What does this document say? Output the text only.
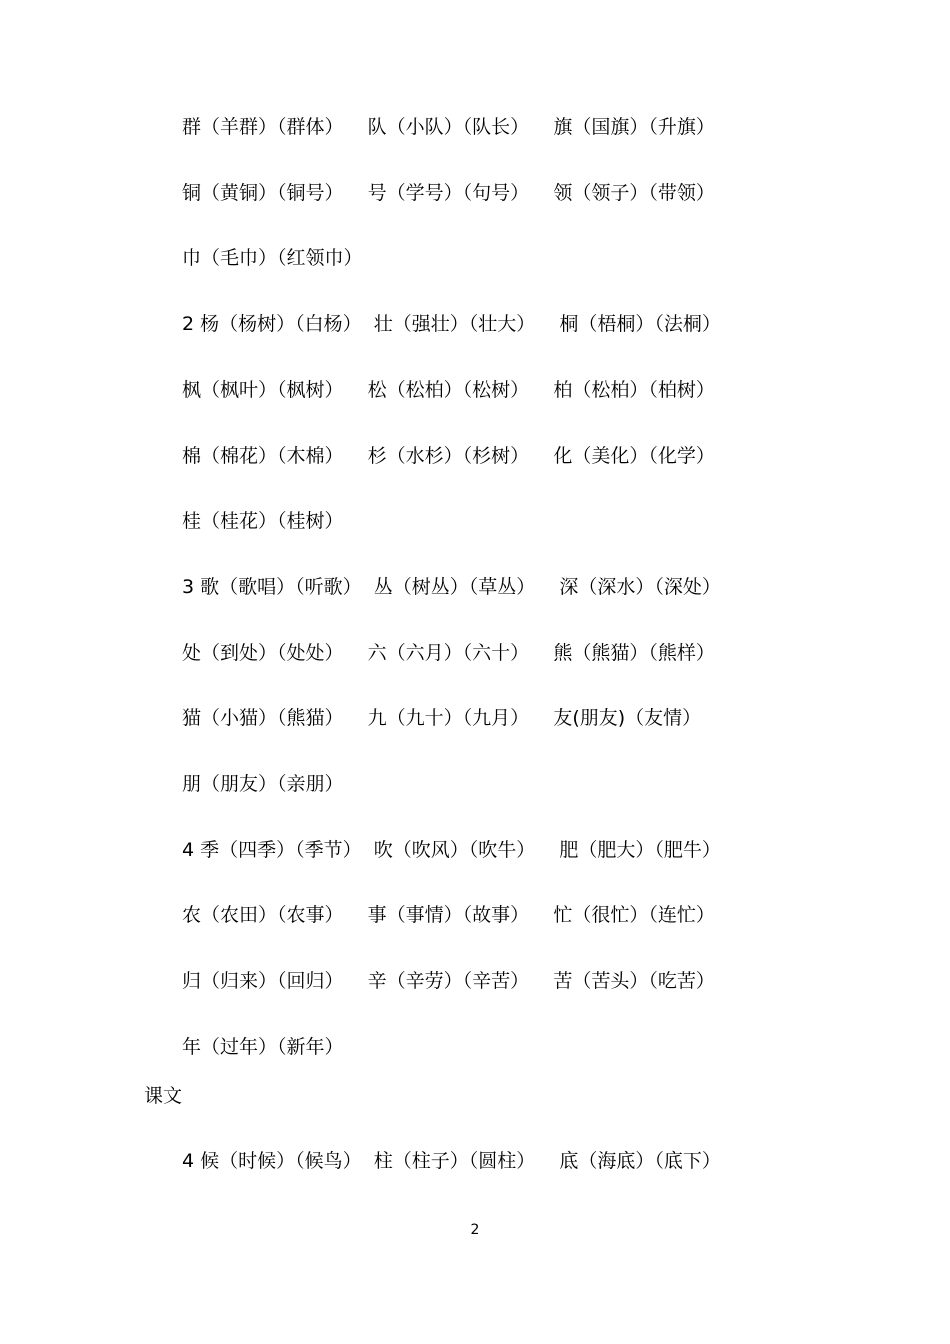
群（羊群）（群体）    队（小队）（队长）    旗（国旗）（升旗）
铜（黄铜）（铜号）    号（学号）（句号）    领（领子）（带领）
巾（毛巾）（红领巾）
2 杨（杨树）（白杨）  壮（强壮）（壮大）    桐（梧桐）（法桐）
枫（枫叶）（枫树）    松（松柏）（松树）    柏（松柏）（柏树）
棉（棉花）（木棉）    杉（水杉）（杉树）    化（美化）（化学）
桂（桂花）（桂树）
3 歌（歌唱）（听歌）  丛（树丛）（草丛）    深（深水）（深处）
处（到处）（处处）    六（六月）（六十）    熊（熊猫）（熊样）
猫（小猫）（熊猫）    九（九十）（九月）    友(朋友)（友情）
朋（朋友）（亲朋）
4 季（四季）（季节）  吹（吹风）（吹牛）    肥（肥大）（肥牛）
农（农田）（农事）    事（事情）（故事）    忙（很忙）（连忙）
归（归来）（回归）    辛（辛劳）（辛苦）    苦（苦头）（吃苦）
年（过年）（新年）
课文
4 候（时候）（候鸟）  柱（柱子）（圆柱）    底（海底）（底下）
2
